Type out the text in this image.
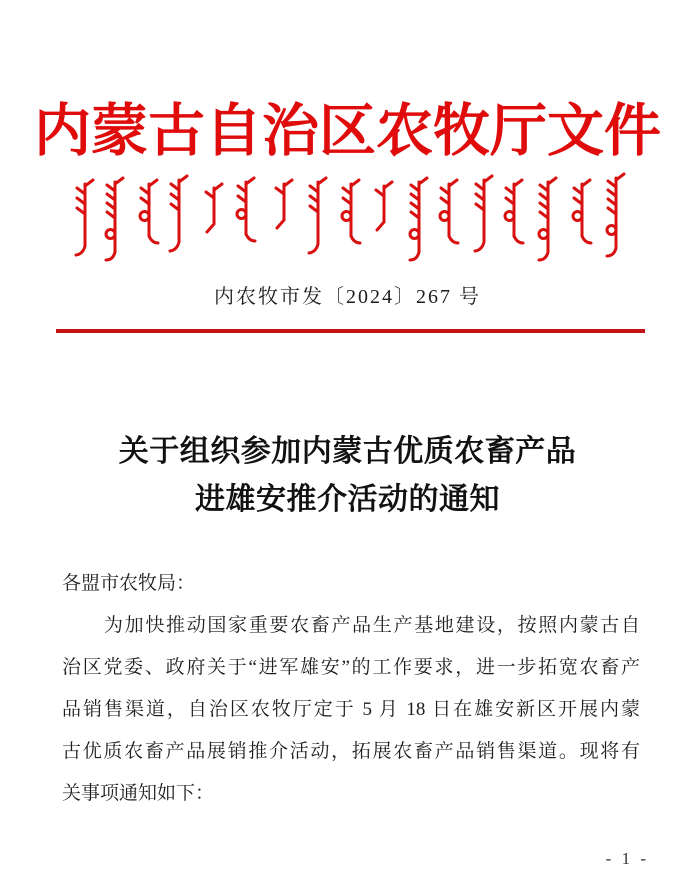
内蒙古自治区农牧厅文件
内农牧市发〔2024〕267 号
关于组织参加内蒙古优质农畜产品
进雄安推介活动的通知
各盟市农牧局：
为加快推动国家重要农畜产品生产基地建设，按照内蒙古自
治区党委、政府关于“进军雄安”的工作要求，进一步拓宽农畜产
品销售渠道，自治区农牧厅定于 5 月 18 日在雄安新区开展内蒙
古优质农畜产品展销推介活动，拓展农畜产品销售渠道。现将有
关事项通知如下：
- 1 -
